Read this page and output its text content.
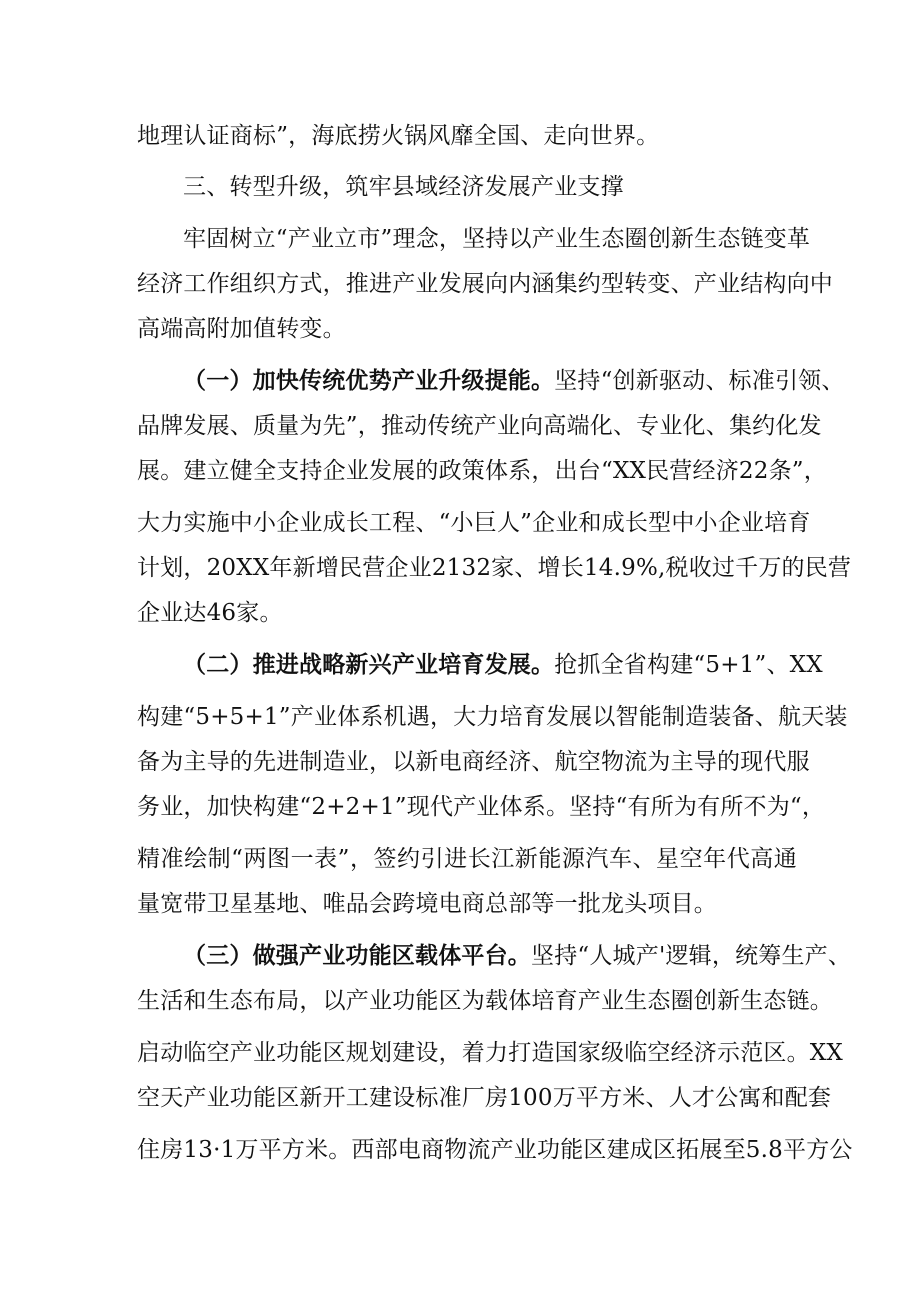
地理认证商标”，海底捞火锅风靡全国、走向世界。
三、转型升级，筑牢县域经济发展产业支撑
牢固树立“产业立市”理念，坚持以产业生态圈创新生态链变革
经济工作组织方式，推进产业发展向内涵集约型转变、产业结构向中
高端高附加值转变。
（一）加快传统优势产业升级提能。坚持“创新驱动、标准引领、
品牌发展、质量为先”，推动传统产业向高端化、专业化、集约化发
展。建立健全支持企业发展的政策体系，出台“XX民营经济22条”，
大力实施中小企业成长工程、“小巨人”企业和成长型中小企业培育
计划，20XX年新增民营企业2132家、增长14.9%,税收过千万的民营
企业达46家。
（二）推进战略新兴产业培育发展。抢抓全省构建“5+1”、XX
构建“5+5+1”产业体系机遇，大力培育发展以智能制造装备、航天装
备为主导的先进制造业，以新电商经济、航空物流为主导的现代服
务业，加快构建“2+2+1”现代产业体系。坚持“有所为有所不为“，
精准绘制“两图一表”，签约引进长江新能源汽车、星空年代高通
量宽带卫星基地、唯品会跨境电商总部等一批龙头项目。
（三）做强产业功能区载体平台。坚持“人城产'逻辑，统筹生产、
生活和生态布局，以产业功能区为载体培育产业生态圈创新生态链。
启动临空产业功能区规划建设，着力打造国家级临空经济示范区。XX
空天产业功能区新开工建设标准厂房100万平方米、人才公寓和配套
住房13·1万平方米。西部电商物流产业功能区建成区拓展至5.8平方公
